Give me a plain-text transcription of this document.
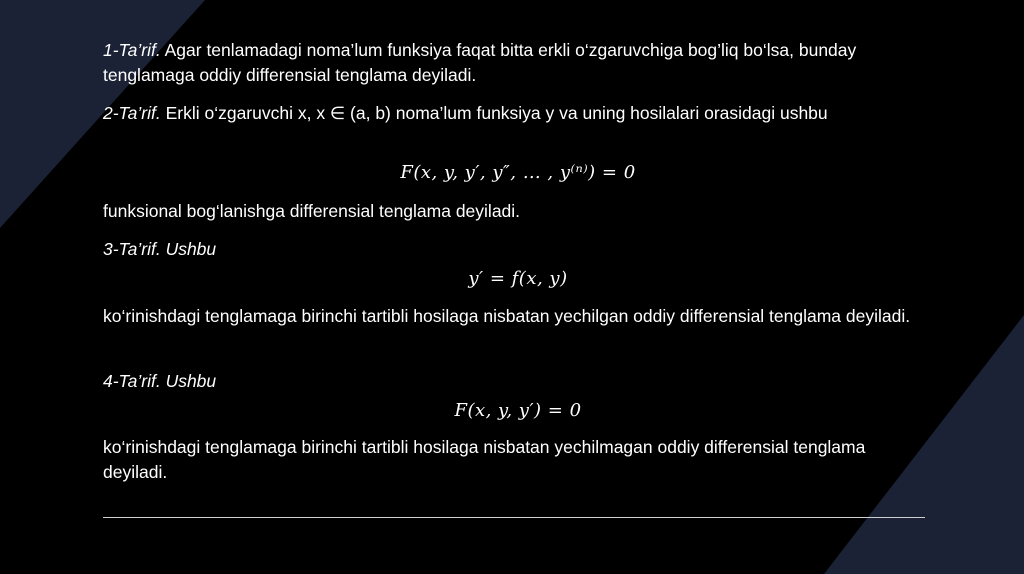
1-Ta’rif. Agar tenlamadagi noma’lum funksiya faqat bitta erkli o‘zgaruvchiga bog’liq bo‘lsa, bunday tenglamaga oddiy differensial tenglama deyiladi.

2-Ta’rif. Erkli o‘zgaruvchi x, x ∈ (a, b) noma’lum funksiya y va uning hosilalari orasidagi ushbu

F(x, y, y′, y″, … , y⁽ⁿ⁾) = 0

funksional bog‘lanishga differensial tenglama deyiladi.

3-Ta’rif. Ushbu

y′ = f(x, y)

ko‘rinishdagi tenglamaga birinchi tartibli hosilaga nisbatan yechilgan oddiy differensial tenglama deyiladi.

4-Ta’rif. Ushbu

F(x, y, y′) = 0

ko‘rinishdagi tenglamaga birinchi tartibli hosilaga nisbatan yechilmagan oddiy differensial tenglama deyiladi.
